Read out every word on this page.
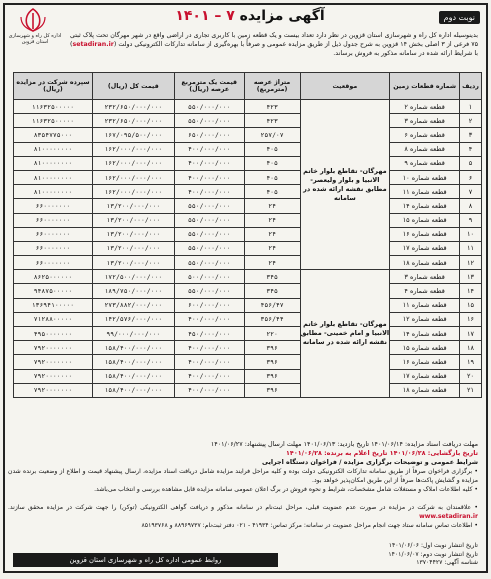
نوبت دوم
آگهی مزایده ۷ – ۱۴۰۱
اداره کل راه و شهرسازی استان قزوین
بدینوسیله اداره کل راه و شهرسازی استان قزوین در نظر دارد تعداد بیست و یک قطعه زمین با کاربری تجاری در اراضی واقع در شهر مهرگان تحت پلاک ثبتی ۷۵ فرعی از ۳ اصلی بخش ۱۴ قزوین به شرح جدول ذیل از طریق مزایده عمومی و صرفاً با بهره‌گیری از سامانه تدارکات الکترونیکی دولت (setadiran.ir) با شرایط ارائه شده در سامانه مذکور به فروش برساند.
ردیف	شماره قطعات زمین	موقعیت	متراژ عرصه (مترمربع)	قیمت یک مترمربع عرصه (ریال)	قیمت کل (ریال)	سپرده شرکت در مزایده (ریال)
۱	قطعه شماره ۲	مهرگان- تقاطع بلوار خاتم الانبیا و بلوار ولیعصر- مطابق نقشه ارائه شده در سامانه	۴۲۳	۵۵۰/۰۰۰/۰۰۰	۲۳۲/۶۵۰/۰۰۰/۰۰۰	۱۱۶۳۲۵۰۰۰۰۰
۲	قطعه شماره ۳		۴۲۳	۵۵۰/۰۰۰/۰۰۰	۲۳۲/۶۵۰/۰۰۰/۰۰۰	۱۱۶۳۲۵۰۰۰۰۰
۳	قطعه شماره ۶		۲۵۷/۰۷	۶۵۰/۰۰۰/۰۰۰	۱۶۷/۰۹۵/۵۰۰/۰۰۰	۸۳۵۴۷۷۵۰۰۰
۴	قطعه شماره ۸		۴۰۵	۴۰۰/۰۰۰/۰۰۰	۱۶۲/۰۰۰/۰۰۰/۰۰۰	۸۱۰۰۰۰۰۰۰۰
۵	قطعه شماره ۹		۴۰۵	۴۰۰/۰۰۰/۰۰۰	۱۶۲/۰۰۰/۰۰۰/۰۰۰	۸۱۰۰۰۰۰۰۰۰
۶	قطعه شماره ۱۰		۴۰۵	۴۰۰/۰۰۰/۰۰۰	۱۶۲/۰۰۰/۰۰۰/۰۰۰	۸۱۰۰۰۰۰۰۰۰
۷	قطعه شماره ۱۱		۴۰۵	۴۰۰/۰۰۰/۰۰۰	۱۶۲/۰۰۰/۰۰۰/۰۰۰	۸۱۰۰۰۰۰۰۰۰
۸	قطعه شماره ۱۴		۲۴	۵۵۰/۰۰۰/۰۰۰	۱۳/۲۰۰/۰۰۰/۰۰۰	۶۶۰۰۰۰۰۰۰
۹	قطعه شماره ۱۵		۲۴	۵۵۰/۰۰۰/۰۰۰	۱۳/۲۰۰/۰۰۰/۰۰۰	۶۶۰۰۰۰۰۰۰
۱۰	قطعه شماره ۱۶		۲۴	۵۵۰/۰۰۰/۰۰۰	۱۳/۲۰۰/۰۰۰/۰۰۰	۶۶۰۰۰۰۰۰۰
۱۱	قطعه شماره ۱۷		۲۴	۵۵۰/۰۰۰/۰۰۰	۱۳/۲۰۰/۰۰۰/۰۰۰	۶۶۰۰۰۰۰۰۰
۱۲	قطعه شماره ۱۸		۲۴	۵۵۰/۰۰۰/۰۰۰	۱۳/۲۰۰/۰۰۰/۰۰۰	۶۶۰۰۰۰۰۰۰
۱۳	قطعه شماره ۳	مهرگان- تقاطع بلوار خاتم الانبیا و امام خمینی- مطابق نقشه ارائه شده در سامانه	۳۴۵	۵۰۰/۰۰۰/۰۰۰	۱۷۲/۵۰۰/۰۰۰/۰۰۰	۸۶۲۵۰۰۰۰۰۰
۱۴	قطعه شماره ۴		۳۴۵	۵۵۰/۰۰۰/۰۰۰	۱۸۹/۷۵۰/۰۰۰/۰۰۰	۹۴۸۷۵۰۰۰۰۰
۱۵	قطعه شماره ۱۱		۴۵۶/۴۷	۶۰۰/۰۰۰/۰۰۰	۲۷۳/۸۸۲/۰۰۰/۰۰۰	۱۳۶۹۴۱۰۰۰۰۰
۱۶	قطعه شماره ۱۲		۳۵۶/۴۴	۴۰۰/۰۰۰/۰۰۰	۱۴۲/۵۷۶/۰۰۰/۰۰۰	۷۱۲۸۸۰۰۰۰۰
۱۷	قطعه شماره ۱۴		۲۲۰	۴۵۰/۰۰۰/۰۰۰	۹۹/۰۰۰/۰۰۰/۰۰۰	۴۹۵۰۰۰۰۰۰۰
۱۸	قطعه شماره ۱۵		۳۹۶	۴۰۰/۰۰۰/۰۰۰	۱۵۸/۴۰۰/۰۰۰/۰۰۰	۷۹۲۰۰۰۰۰۰۰
۱۹	قطعه شماره ۱۶		۳۹۶	۴۰۰/۰۰۰/۰۰۰	۱۵۸/۴۰۰/۰۰۰/۰۰۰	۷۹۲۰۰۰۰۰۰۰
۲۰	قطعه شماره ۱۷		۳۹۶	۴۰۰/۰۰۰/۰۰۰	۱۵۸/۴۰۰/۰۰۰/۰۰۰	۷۹۲۰۰۰۰۰۰۰
۲۱	قطعه شماره ۱۸		۳۹۶	۴۰۰/۰۰۰/۰۰۰	۱۵۸/۴۰۰/۰۰۰/۰۰۰	۷۹۲۰۰۰۰۰۰۰
مهلت دریافت اسناد مزایده: ۱۴۰۱/۰۶/۱۴ تاریخ بازدید: ۱۴۰۱/۰۶/۱۳ مهلت ارسال پیشنهاد: ۱۴۰۱/۰۶/۲۷
تاریخ بازگشایی: ۱۴۰۱/۰۶/۲۸ تاریخ اعلام به برنده: ۱۴۰۱/۰۶/۲۸
شرایط عمومی و توضیحات برگزاری مزایده / فراخوان دستگاه اجرایی
• برگزاری فراخوان صرفاً از طریق سامانه تدارکات الکترونیکی دولت بوده و کلیه مراحل فرایند مزایده شامل دریافت اسناد مزایده، ارسال پیشنهاد قیمت و اطلاع از وضعیت برنده شدن مزایده و گشایش پاکت‌ها صرفاً از این طریق امکان‌پذیر خواهد بود.
• کلیه اطلاعات املاک و مستغلات شامل مشخصات، شرایط و نحوه فروش در برگ اعلان عمومی سامانه مزایده قابل مشاهده بررسی و انتخاب می‌باشد.
• علاقمندان به شرکت در مزایده در صورت عدم عضویت قبلی، مراحل ثبت‌نام در سامانه مذکور و دریافت گواهی الکترونیکی (توکن) را جهت شرکت در مزایده محقق سازند. www.setadiran.ir
• اطلاعات تماس سامانه ستاد جهت انجام مراحل عضویت در سامانه: مرکز تماس: ۴۱۹۳۴ - ۰۲۱ دفتر ثبت‌نام: ۸۸۹۶۹۷۳۷ و ۸۵۱۹۳۷۶۸
تاریخ انتشار نوبت اول: ۱۴۰۱/۰۶/۰۶
تاریخ انتشار نوبت دوم: ۱۴۰۱/۰۶/۰۷
شناسه آگهی: ۱۳۷۰۴۴۲۷
روابط عمومی اداره کل راه و شهرسازی استان قزوین
